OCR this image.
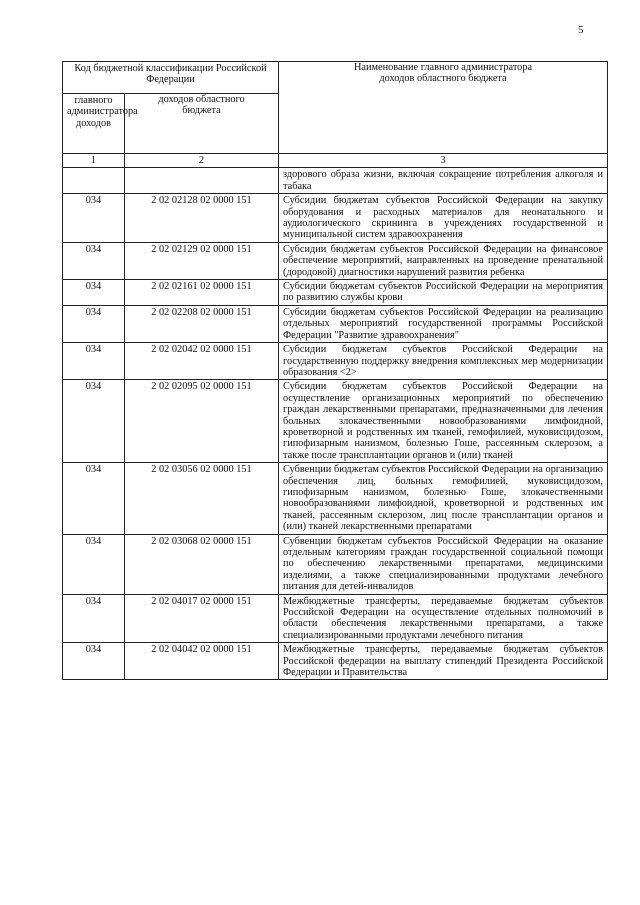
5
Код бюджетной классификации Российской Федерации		Наименование главного администратора доходов областного бюджета
главного администратора доходов	доходов областного бюджета	
1	2	3
		здорового образа жизни, включая сокращение потребления алкоголя и табака
034	2 02 02128 02 0000 151	Субсидии бюджетам субъектов Российской Федерации на закупку оборудования и расходных материалов для неонатального и аудиологического скрининга в учреждениях государственной и муниципальной систем здравоохранения
034	2 02 02129 02 0000 151	Субсидии бюджетам субъектов Российской Федерации на финансовое обеспечение мероприятий, направленных на проведение пренатальной (дородовой) диагностики нарушений развития ребенка
034	2 02 02161 02 0000 151	Субсидии бюджетам субъектов Российской Федерации на мероприятия по развитию службы крови
034	2 02 02208 02 0000 151	Субсидии бюджетам субъектов Российской Федерации на реализацию отдельных мероприятий государственной программы Российской Федерации "Развитие здравоохранения"
034	2 02 02042 02 0000 151	Субсидии бюджетам субъектов Российской Федерации на государственную поддержку внедрения комплексных мер модернизации образования <2>
034	2 02 02095 02 0000 151	Субсидии бюджетам субъектов Российской Федерации на осуществление организационных мероприятий по обеспечению граждан лекарственными препаратами, предназначенными для лечения больных злокачественными новообразованиями лимфоидной, кроветворной и родственных им тканей, гемофилией, муковисцидозом, гипофизарным нанизмом, болезнью Гоше, рассеянным склерозом, а также после трансплантации органов и (или) тканей
034	2 02 03056 02 0000 151	Субвенции бюджетам субъектов Российской Федерации на организацию обеспечения лиц, больных гемофилией, муковисцидозом, гипофизарным нанизмом, болезнью Гоше, злокачественными новообразованиями лимфоидной, кроветворной и родственных им тканей, рассеянным склерозом, лиц после трансплантации органов и (или) тканей лекарственными препаратами
034	2 02 03068 02 0000 151	Субвенции бюджетам субъектов Российской Федерации на оказание отдельным категориям граждан государственной социальной помощи по обеспечению лекарственными препаратами, медицинскими изделиями, а также специализированными продуктами лечебного питания для детей-инвалидов
034	2 02 04017 02 0000 151	Межбюджетные трансферты, передаваемые бюджетам субъектов Российской Федерации на осуществление отдельных полномочий в области обеспечения лекарственными препаратами, а также специализированными продуктами лечебного питания
034	2 02 04042 02 0000 151	Межбюджетные трансферты, передаваемые бюджетам субъектов Российской федерации на выплату стипендий Президента Российской Федерации и Правительства
